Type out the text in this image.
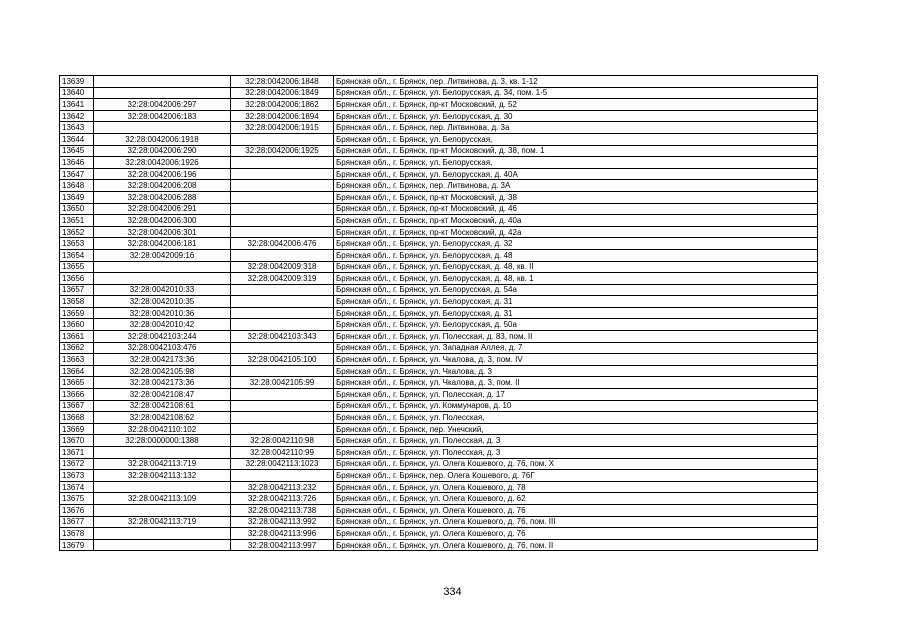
13639		32:28:0042006:1848	Брянская обл., г. Брянск, пер. Литвинова, д. 3, кв. 1-12
13640		32:28:0042006:1849	Брянская обл., г. Брянск, ул. Белорусская, д. 34, пом. 1-5
13641	32:28:0042006:297	32:28:0042006:1862	Брянская обл., г. Брянск, пр-кт Московский, д. 52
13642	32:28:0042006:183	32:28:0042006:1894	Брянская обл., г. Брянск, ул. Белорусская, д. 30
13643		32:28:0042006:1915	Брянская обл., г. Брянск, пер. Литвинова, д. 3а
13644	32:28:0042006:1918		Брянская обл., г. Брянск, ул. Белорусская,
13645	32:28:0042006:290	32:28:0042006:1925	Брянская обл., г. Брянск, пр-кт Московский, д. 38, пом. 1
13646	32:28:0042006:1926		Брянская обл., г. Брянск, ул. Белорусская,
13647	32:28:0042006:196		Брянская обл., г. Брянск, ул. Белорусская, д. 40А
13648	32:28:0042006:208		Брянская обл., г. Брянск, пер. Литвинова, д. 3А
13649	32:28:0042006:288		Брянская обл., г. Брянск, пр-кт Московский, д. 38
13650	32:28:0042006:291		Брянская обл., г. Брянск, пр-кт Московский, д. 46
13651	32:28:0042006:300		Брянская обл., г. Брянск, пр-кт Московский, д. 40а
13652	32:28:0042006:301		Брянская обл., г. Брянск, пр-кт Московский, д. 42а
13653	32:28:0042006:181	32:28:0042006:476	Брянская обл., г. Брянск, ул. Белорусская, д. 32
13654	32:28:0042009:16		Брянская обл., г. Брянск, ул. Белорусская, д. 48
13655		32:28:0042009:318	Брянская обл., г. Брянск, ул. Белорусская, д. 48, кв. II
13656		32:28:0042009:319	Брянская обл., г. Брянск, ул. Белорусская, д. 48, кв. 1
13657	32:28:0042010:33		Брянская обл., г. Брянск, ул. Белорусская, д. 54а
13658	32:28:0042010:35		Брянская обл., г. Брянск, ул. Белорусская, д. 31
13659	32:28:0042010:36		Брянская обл., г. Брянск, ул. Белорусская, д. 31
13660	32:28:0042010:42		Брянская обл., г. Брянск, ул. Белорусская, д. 50а
13661	32:28:0042103:244	32:28:0042103:343	Брянская обл., г. Брянск, ул. Полесская, д. 83, пом. II
13662	32:28:0042103:476		Брянская обл., г. Брянск, ул. Западная Аллея, д. 7
13663	32:28:0042173:36	32:28:0042105:100	Брянская обл., г. Брянск, ул. Чкалова, д. 3, пом. IV
13664	32:28:0042105:98		Брянская обл., г. Брянск, ул. Чкалова, д. 3
13665	32:28:0042173:36	32:28:0042105:99	Брянская обл., г. Брянск, ул. Чкалова, д. 3, пом. II
13666	32:28:0042108:47		Брянская обл., г. Брянск, ул. Полесская, д. 17
13667	32:28:0042108:61		Брянская обл., г. Брянск, ул. Коммунаров, д. 10
13668	32:28:0042108:62		Брянская обл., г. Брянск, ул. Полесская,
13669	32:28:0042110:102		Брянская обл., г. Брянск, пер. Унечский,
13670	32:28:0000000:1388	32:28:0042110:98	Брянская обл., г. Брянск, ул. Полесская, д. 3
13671		32:28:0042110:99	Брянская обл., г. Брянск, ул. Полесская, д. 3
13672	32:28:0042113:719	32:28:0042113:1023	Брянская обл., г. Брянск, ул. Олега Кошевого, д. 76, пом. X
13673	32:28:0042113:132		Брянская обл., г. Брянск, пер. Олега Кошевого, д. 76Г
13674		32:28:0042113:232	Брянская обл., г. Брянск, ул. Олега Кошевого, д. 78
13675	32:28:0042113:109	32:28:0042113:726	Брянская обл., г. Брянск, ул. Олега Кошевого, д. 62
13676		32:28:0042113:738	Брянская обл., г. Брянск, ул. Олега Кошевого, д. 76
13677	32:28:0042113:719	32:28:0042113:992	Брянская обл., г. Брянск, ул. Олега Кошевого, д. 76, пом. III
13678		32:28:0042113:996	Брянская обл., г. Брянск, ул. Олега Кошевого, д. 76
13679		32:28:0042113:997	Брянская обл., г. Брянск, ул. Олега Кошевого, д. 76, пом. II
334
